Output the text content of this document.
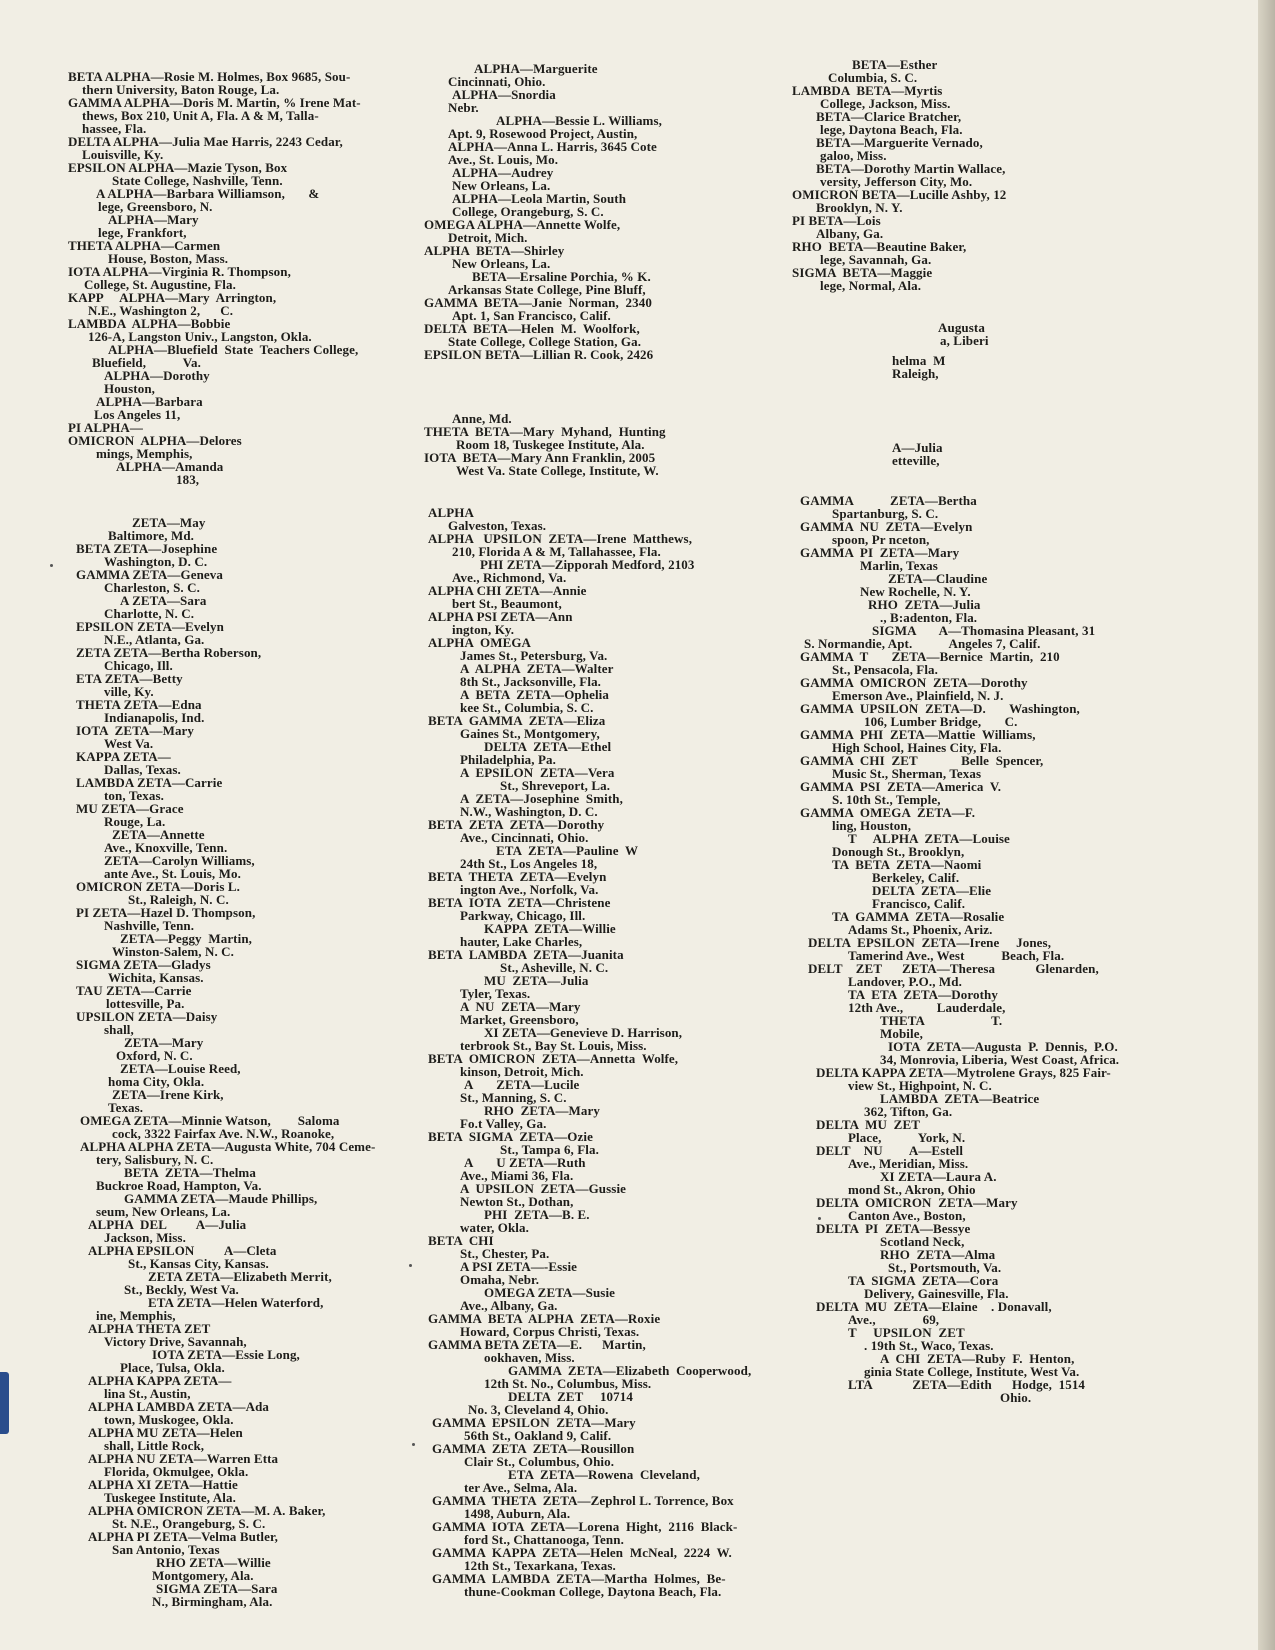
BETA ALPHA—Rosie M. Holmes, Box 9685, Sou-
thern University, Baton Rouge, La.
GAMMA ALPHA—Doris M. Martin, % Irene Mat-
thews, Box 210, Unit A, Fla. A & M, Talla-
hassee, Fla.
DELTA ALPHA—Julia Mae Harris, 2243 Cedar,
Louisville, Ky.
EPSILON ALPHA—Mazie Tyson, Box
State College, Nashville, Tenn.
A ALPHA—Barbara Williamson,       &
lege, Greensboro, N.
ALPHA—Mary
lege, Frankfort,
THETA ALPHA—Carmen
House, Boston, Mass.
IOTA ALPHA—Virginia R. Thompson,
College, St. Augustine, Fla.
KAPP     ALPHA—Mary  Arrington,
N.E., Washington 2,      C.
LAMBDA  ALPHA—Bobbie
126-A, Langston Univ., Langston, Okla.
ALPHA—Bluefield  State  Teachers College,
Bluefield,           Va.
ALPHA—Dorothy
Houston,
ALPHA—Barbara
Los Angeles 11,
PI ALPHA—
OMICRON  ALPHA—Delores
mings, Memphis,
ALPHA—Amanda
183,
ZETA—May
Baltimore, Md.
BETA ZETA—Josephine
Washington, D. C.
GAMMA ZETA—Geneva
Charleston, S. C.
A ZETA—Sara
Charlotte, N. C.
EPSILON ZETA—Evelyn
N.E., Atlanta, Ga.
ZETA ZETA—Bertha Roberson,
Chicago, Ill.
ETA ZETA—Betty
ville, Ky.
THETA ZETA—Edna
Indianapolis, Ind.
IOTA  ZETA—Mary
West Va.
KAPPA ZETA—
Dallas, Texas.
LAMBDA ZETA—Carrie
ton, Texas.
MU ZETA—Grace
Rouge, La.
ZETA—Annette
Ave., Knoxville, Tenn.
ZETA—Carolyn Williams,
ante Ave., St. Louis, Mo.
OMICRON ZETA—Doris L.
St., Raleigh, N. C.
PI ZETA—Hazel D. Thompson,
Nashville, Tenn.
ZETA—Peggy  Martin,
Winston-Salem, N. C.
SIGMA ZETA—Gladys
Wichita, Kansas.
TAU ZETA—Carrie
lottesville, Pa.
UPSILON ZETA—Daisy
shall,
ZETA—Mary
Oxford, N. C.
ZETA—Louise Reed,
homa City, Okla.
ZETA—Irene Kirk,
Texas.
OMEGA ZETA—Minnie Watson,        Saloma
cock, 3322 Fairfax Ave. N.W., Roanoke,
ALPHA ALPHA ZETA—Augusta White, 704 Ceme-
tery, Salisbury, N. C.
BETA  ZETA—Thelma
Buckroe Road, Hampton, Va.
GAMMA ZETA—Maude Phillips,
seum, New Orleans, La.
ALPHA  DEL         A—Julia
Jackson, Miss.
ALPHA EPSILON         A—Cleta
St., Kansas City, Kansas.
ZETA ZETA—Elizabeth Merrit,
St., Beckly, West Va.
ETA ZETA—Helen Waterford,
ine, Memphis,
ALPHA THETA ZET
Victory Drive, Savannah,
IOTA ZETA—Essie Long,
Place, Tulsa, Okla.
ALPHA KAPPA ZETA—
lina St., Austin,
ALPHA LAMBDA ZETA—Ada
town, Muskogee, Okla.
ALPHA MU ZETA—Helen
shall, Little Rock,
ALPHA NU ZETA—Warren Etta
Florida, Okmulgee, Okla.
ALPHA XI ZETA—Hattie
Tuskegee Institute, Ala.
ALPHA OMICRON ZETA—M. A. Baker,
St. N.E., Orangeburg, S. C.
ALPHA PI ZETA—Velma Butler,
San Antonio, Texas
RHO ZETA—Willie
Montgomery, Ala.
SIGMA ZETA—Sara
N., Birmingham, Ala.
ALPHA—Marguerite
Cincinnati, Ohio.
ALPHA—Snordia
Nebr.
ALPHA—Bessie L. Williams,
Apt. 9, Rosewood Project, Austin,
ALPHA—Anna L. Harris, 3645 Cote
Ave., St. Louis, Mo.
ALPHA—Audrey
New Orleans, La.
ALPHA—Leola Martin, South
College, Orangeburg, S. C.
OMEGA ALPHA—Annette Wolfe,
Detroit, Mich.
ALPHA  BETA—Shirley
New Orleans, La.
BETA—Ersaline Porchia, % K.
Arkansas State College, Pine Bluff,
GAMMA  BETA—Janie  Norman,  2340
Apt. 1, San Francisco, Calif.
DELTA  BETA—Helen  M.  Woolfork,
State College, College Station, Ga.
EPSILON BETA—Lillian R. Cook, 2426
Anne, Md.
THETA  BETA—Mary  Myhand,  Hunting
Room 18, Tuskegee Institute, Ala.
IOTA  BETA—Mary Ann Franklin, 2005
West Va. State College, Institute, W.
ALPHA
Galveston, Texas.
ALPHA   UPSILON  ZETA—Irene  Matthews,
210, Florida A & M, Tallahassee, Fla.
PHI ZETA—Zipporah Medford, 2103
Ave., Richmond, Va.
ALPHA CHI ZETA—Annie
bert St., Beaumont,
ALPHA PSI ZETA—Ann
ington, Ky.
ALPHA  OMEGA
James St., Petersburg, Va.
A  ALPHA  ZETA—Walter
8th St., Jacksonville, Fla.
A  BETA  ZETA—Ophelia
kee St., Columbia, S. C.
BETA  GAMMA  ZETA—Eliza
Gaines St., Montgomery,
DELTA  ZETA—Ethel
Philadelphia, Pa.
A  EPSILON  ZETA—Vera
St., Shreveport, La.
A  ZETA—Josephine  Smith,
N.W., Washington, D. C.
BETA  ZETA  ZETA—Dorothy
Ave., Cincinnati, Ohio.
ETA  ZETA—Pauline  W
24th St., Los Angeles 18,
BETA  THETA  ZETA—Evelyn
ington Ave., Norfolk, Va.
BETA  IOTA  ZETA—Christene
Parkway, Chicago, Ill.
KAPPA  ZETA—Willie
hauter, Lake Charles,
BETA  LAMBDA  ZETA—Juanita
St., Asheville, N. C.
MU  ZETA—Julia
Tyler, Texas.
A  NU  ZETA—Mary
Market, Greensboro,
XI ZETA—Genevieve D. Harrison,
terbrook St., Bay St. Louis, Miss.
BETA  OMICRON  ZETA—Annetta  Wolfe,
kinson, Detroit, Mich.
A       ZETA—Lucile
St., Manning, S. C.
RHO  ZETA—Mary
Fo.t Valley, Ga.
BETA  SIGMA  ZETA—Ozie
St., Tampa 6, Fla.
A       U ZETA—Ruth
Ave., Miami 36, Fla.
A  UPSILON  ZETA—Gussie
Newton St., Dothan,
PHI  ZETA—B. E.
water, Okla.
BETA  CHI
St., Chester, Pa.
A PSI ZETA—-Essie
Omaha, Nebr.
OMEGA ZETA—Susie
Ave., Albany, Ga.
GAMMA  BETA  ALPHA  ZETA—Roxie
Howard, Corpus Christi, Texas.
GAMMA BETA ZETA—E.      Martin,
ookhaven, Miss.
GAMMA  ZETA—Elizabeth  Cooperwood,
12th St. No., Columbus, Miss.
DELTA  ZET     10714
No. 3, Cleveland 4, Ohio.
GAMMA  EPSILON  ZETA—Mary
56th St., Oakland 9, Calif.
GAMMA  ZETA  ZETA—Rousillon
Clair St., Columbus, Ohio.
ETA  ZETA—Rowena  Cleveland,
ter Ave., Selma, Ala.
GAMMA  THETA  ZETA—Zephrol L. Torrence, Box
1498, Auburn, Ala.
GAMMA  IOTA  ZETA—Lorena  Hight,  2116  Black-
ford St., Chattanooga, Tenn.
GAMMA  KAPPA  ZETA—Helen  McNeal,  2224  W.
12th St., Texarkana, Texas.
GAMMA  LAMBDA  ZETA—Martha  Holmes,  Be-
thune-Cookman College, Daytona Beach, Fla.
BETA—Esther
Columbia, S. C.
LAMBDA  BETA—Myrtis
College, Jackson, Miss.
BETA—Clarice Bratcher,
lege, Daytona Beach, Fla.
BETA—Marguerite Vernado,
galoo, Miss.
BETA—Dorothy Martin Wallace,
versity, Jefferson City, Mo.
OMICRON BETA—Lucille Ashby, 12
Brooklyn, N. Y.
PI BETA—Lois
Albany, Ga.
RHO  BETA—Beautine Baker,
lege, Savannah, Ga.
SIGMA  BETA—Maggie
lege, Normal, Ala.
Augusta
a, Liberi
helma  M
Raleigh,
A—Julia
etteville,
GAMMA           ZETA—Bertha
Spartanburg, S. C.
GAMMA  NU  ZETA—Evelyn
spoon, Pr nceton,
GAMMA  PI  ZETA—Mary
Marlin, Texas
ZETA—Claudine
New Rochelle, N. Y.
RHO  ZETA—Julia
., B:adenton, Fla.
SIGMA       A—Thomasina Pleasant, 31
S. Normandie, Apt.           Angeles 7, Calif.
GAMMA  T       ZETA—Bernice  Martin,  210
St., Pensacola, Fla.
GAMMA  OMICRON  ZETA—Dorothy
Emerson Ave., Plainfield, N. J.
GAMMA  UPSILON  ZETA—D.       Washington,
106, Lumber Bridge,       C.
GAMMA  PHI  ZETA—Mattie  Williams,
High School, Haines City, Fla.
GAMMA  CHI  ZET             Belle  Spencer,
Music St., Sherman, Texas
GAMMA  PSI  ZETA—America  V.
S. 10th St., Temple,
GAMMA  OMEGA  ZETA—F.
ling, Houston,
T     ALPHA  ZETA—Louise
Donough St., Brooklyn,
TA  BETA  ZETA—Naomi
Berkeley, Calif.
DELTA  ZETA—Elie
Francisco, Calif.
TA  GAMMA  ZETA—Rosalie
Adams St., Phoenix, Ariz.
DELTA  EPSILON  ZETA—Irene     Jones,
Tamerind Ave., West           Beach, Fla.
DELT    ZET      ZETA—Theresa            Glenarden,
Landover, P.O., Md.
TA  ETA  ZETA—Dorothy
12th Ave.,          Lauderdale,
THETA                    T.
Mobile,
IOTA  ZETA—Augusta  P.  Dennis,  P.O.
34, Monrovia, Liberia, West Coast, Africa.
DELTA KAPPA ZETA—Mytrolene Grays, 825 Fair-
view St., Highpoint, N. C.
LAMBDA  ZETA—Beatrice
362, Tifton, Ga.
DELTA  MU  ZET
Place,           York, N.
DELT    NU        A—Estell
Ave., Meridian, Miss.
XI ZETA—Laura A.
mond St., Akron, Ohio
DELTA  OMICRON  ZETA—Mary
Canton Ave., Boston,
DELTA  PI  ZETA—Bessye
Scotland Neck,
RHO  ZETA—Alma
St., Portsmouth, Va.
TA  SIGMA  ZETA—Cora
Delivery, Gainesville, Fla.
DELTA  MU  ZETA—Elaine    . Donavall,
Ave.,              69,
T     UPSILON  ZET
. 19th St., Waco, Texas.
A  CHI  ZETA—Ruby  F.  Henton,
ginia State College, Institute, West Va.
LTA            ZETA—Edith      Hodge,  1514
Ohio.
